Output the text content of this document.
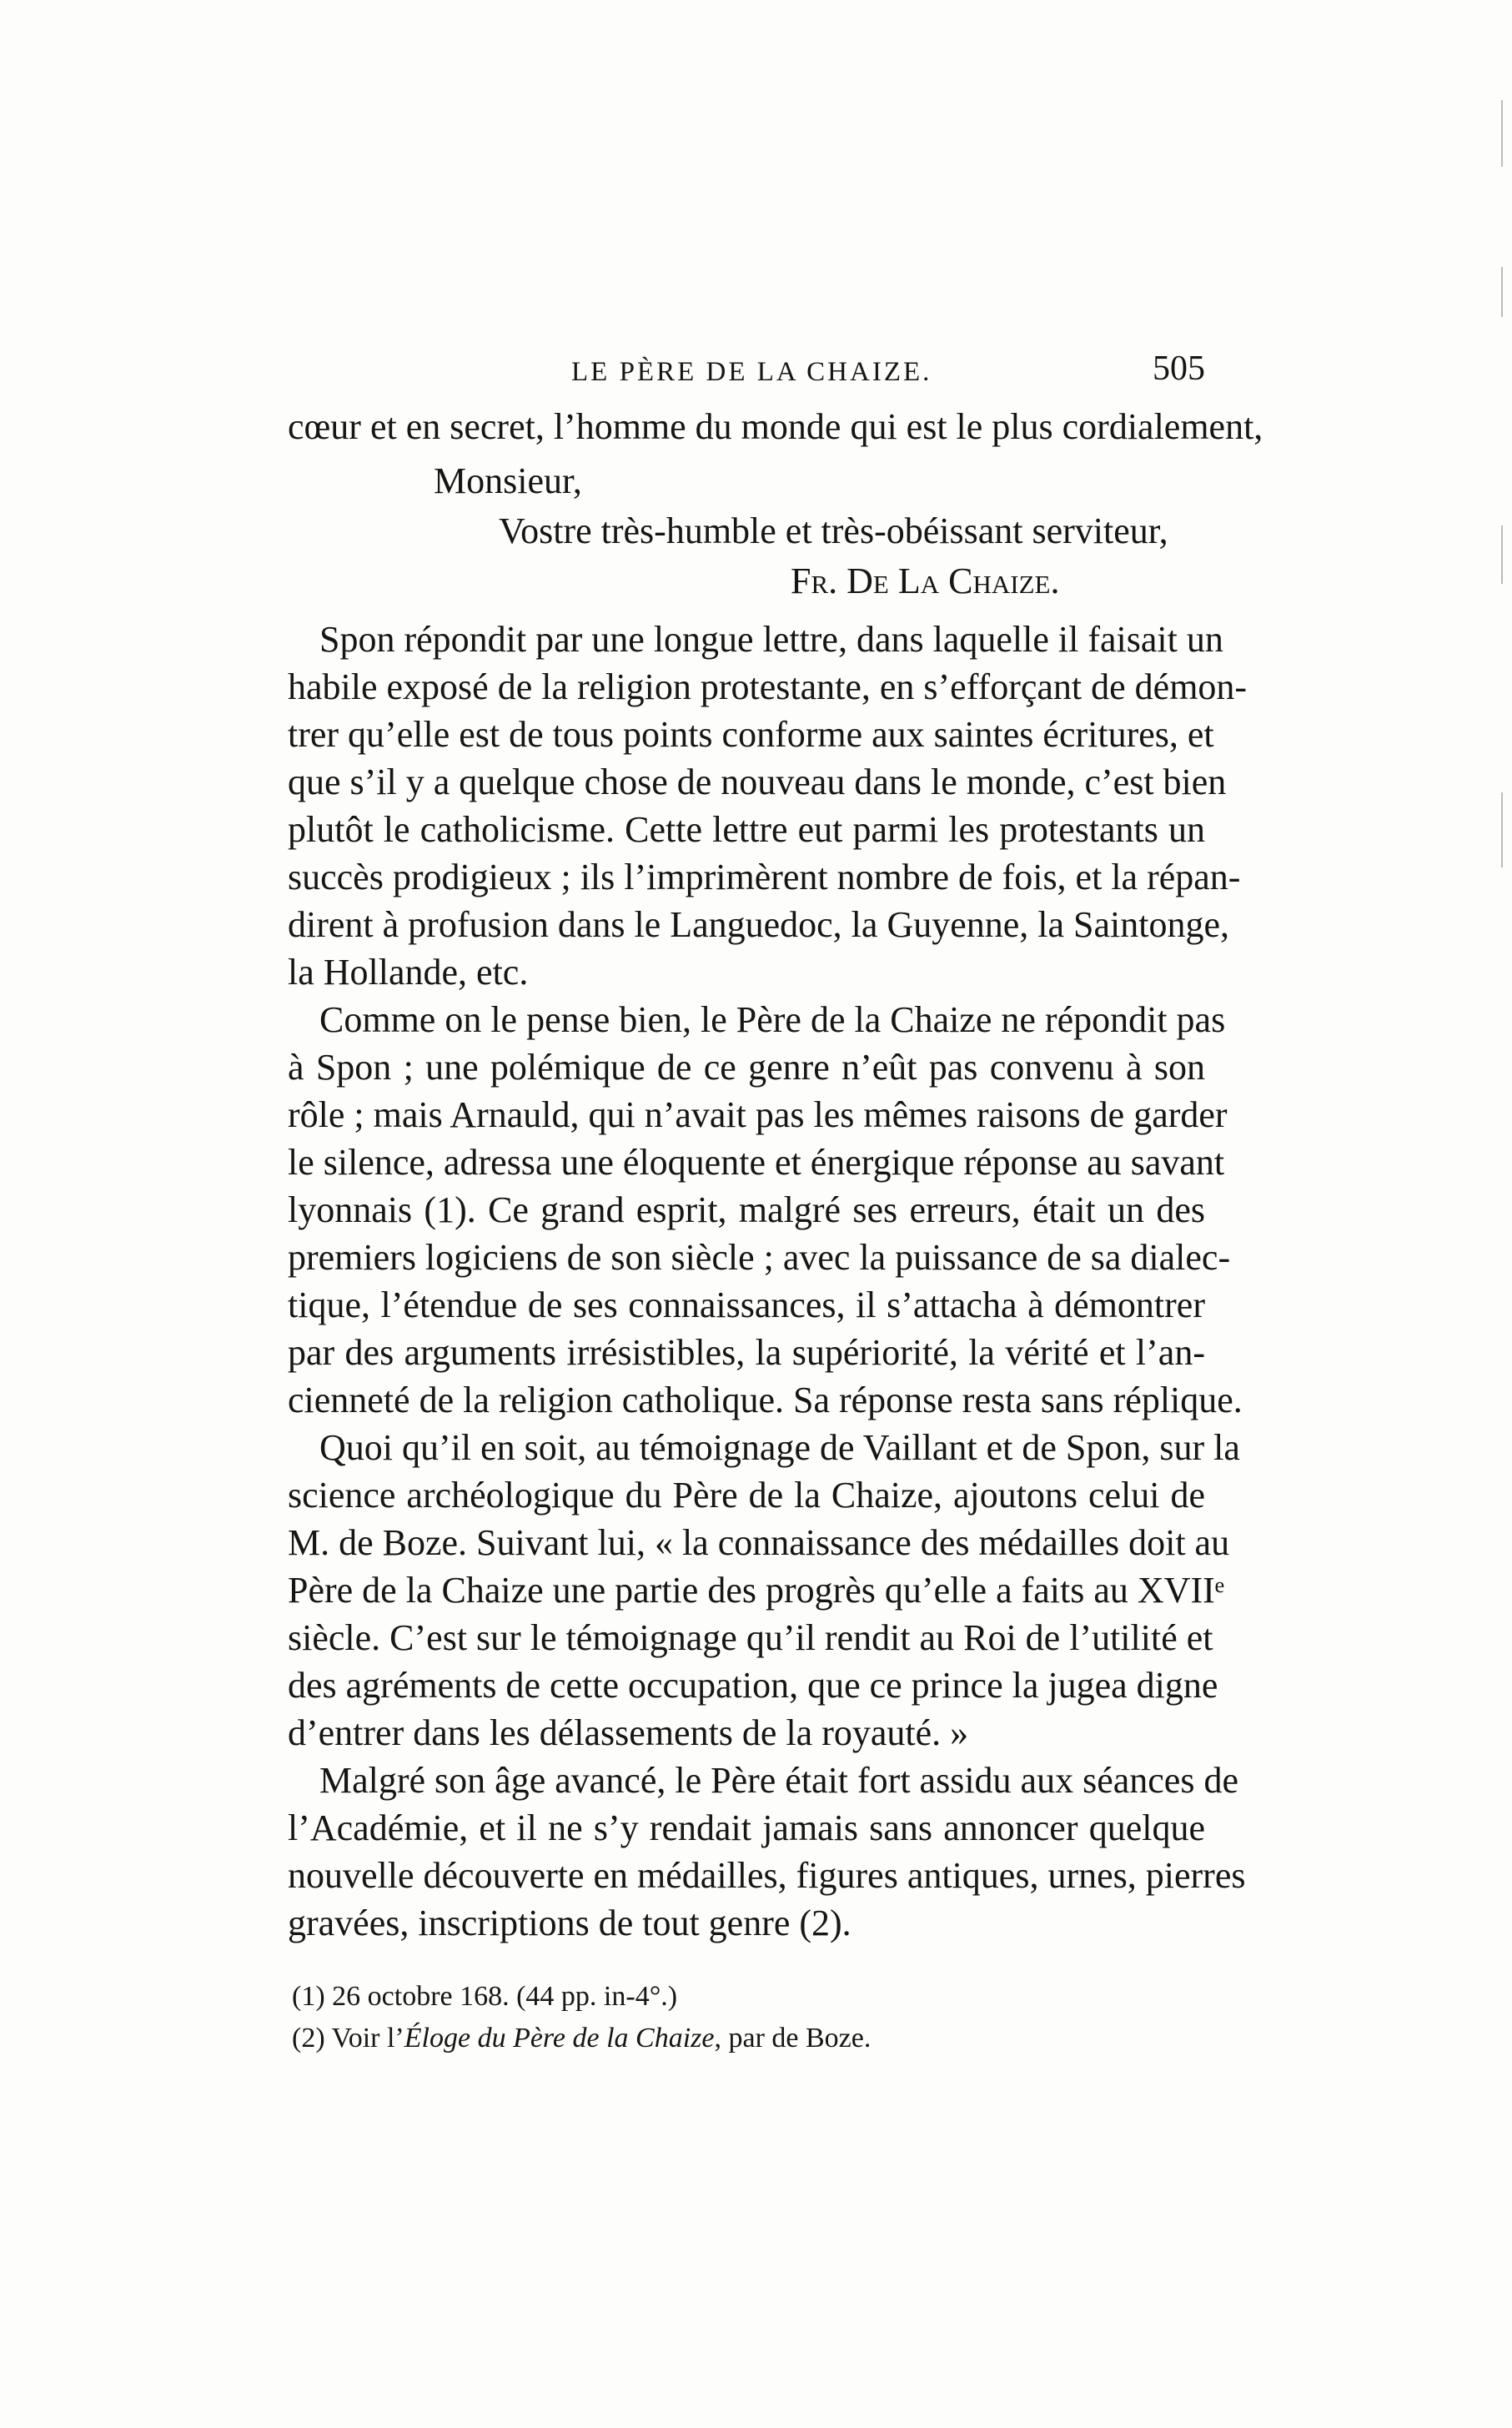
LE PÈRE DE LA CHAIZE.	505
cœur et en secret, l’homme du monde qui est le plus cordialement,
Monsieur,
Vostre très-humble et très-obéissant serviteur,
Fr. De La Chaize.
Spon répondit par une longue lettre, dans laquelle il faisait un
habile exposé de la religion protestante, en s’efforçant de démon-
trer qu’elle est de tous points conforme aux saintes écritures, et
que s’il y a quelque chose de nouveau dans le monde, c’est bien
plutôt le catholicisme. Cette lettre eut parmi les protestants un
succès prodigieux ; ils l’imprimèrent nombre de fois, et la répan-
dirent à profusion dans le Languedoc, la Guyenne, la Saintonge,
la Hollande, etc.
Comme on le pense bien, le Père de la Chaize ne répondit pas
à Spon ; une polémique de ce genre n’eût pas convenu à son
rôle ; mais Arnauld, qui n’avait pas les mêmes raisons de garder
le silence, adressa une éloquente et énergique réponse au savant
lyonnais (1). Ce grand esprit, malgré ses erreurs, était un des
premiers logiciens de son siècle ; avec la puissance de sa dialec-
tique, l’étendue de ses connaissances, il s’attacha à démontrer
par des arguments irrésistibles, la supériorité, la vérité et l’an-
cienneté de la religion catholique. Sa réponse resta sans réplique.
Quoi qu’il en soit, au témoignage de Vaillant et de Spon, sur la
science archéologique du Père de la Chaize, ajoutons celui de
M. de Boze. Suivant lui, « la connaissance des médailles doit au
Père de la Chaize une partie des progrès qu’elle a faits au XVIIᵉ
siècle. C’est sur le témoignage qu’il rendit au Roi de l’utilité et
des agréments de cette occupation, que ce prince la jugea digne
d’entrer dans les délassements de la royauté. »
Malgré son âge avancé, le Père était fort assidu aux séances de
l’Académie, et il ne s’y rendait jamais sans annoncer quelque
nouvelle découverte en médailles, figures antiques, urnes, pierres
gravées, inscriptions de tout genre (2).
(1) 26 octobre 168. (44 pp. in-4°.)
(2) Voir l’Éloge du Père de la Chaize, par de Boze.
